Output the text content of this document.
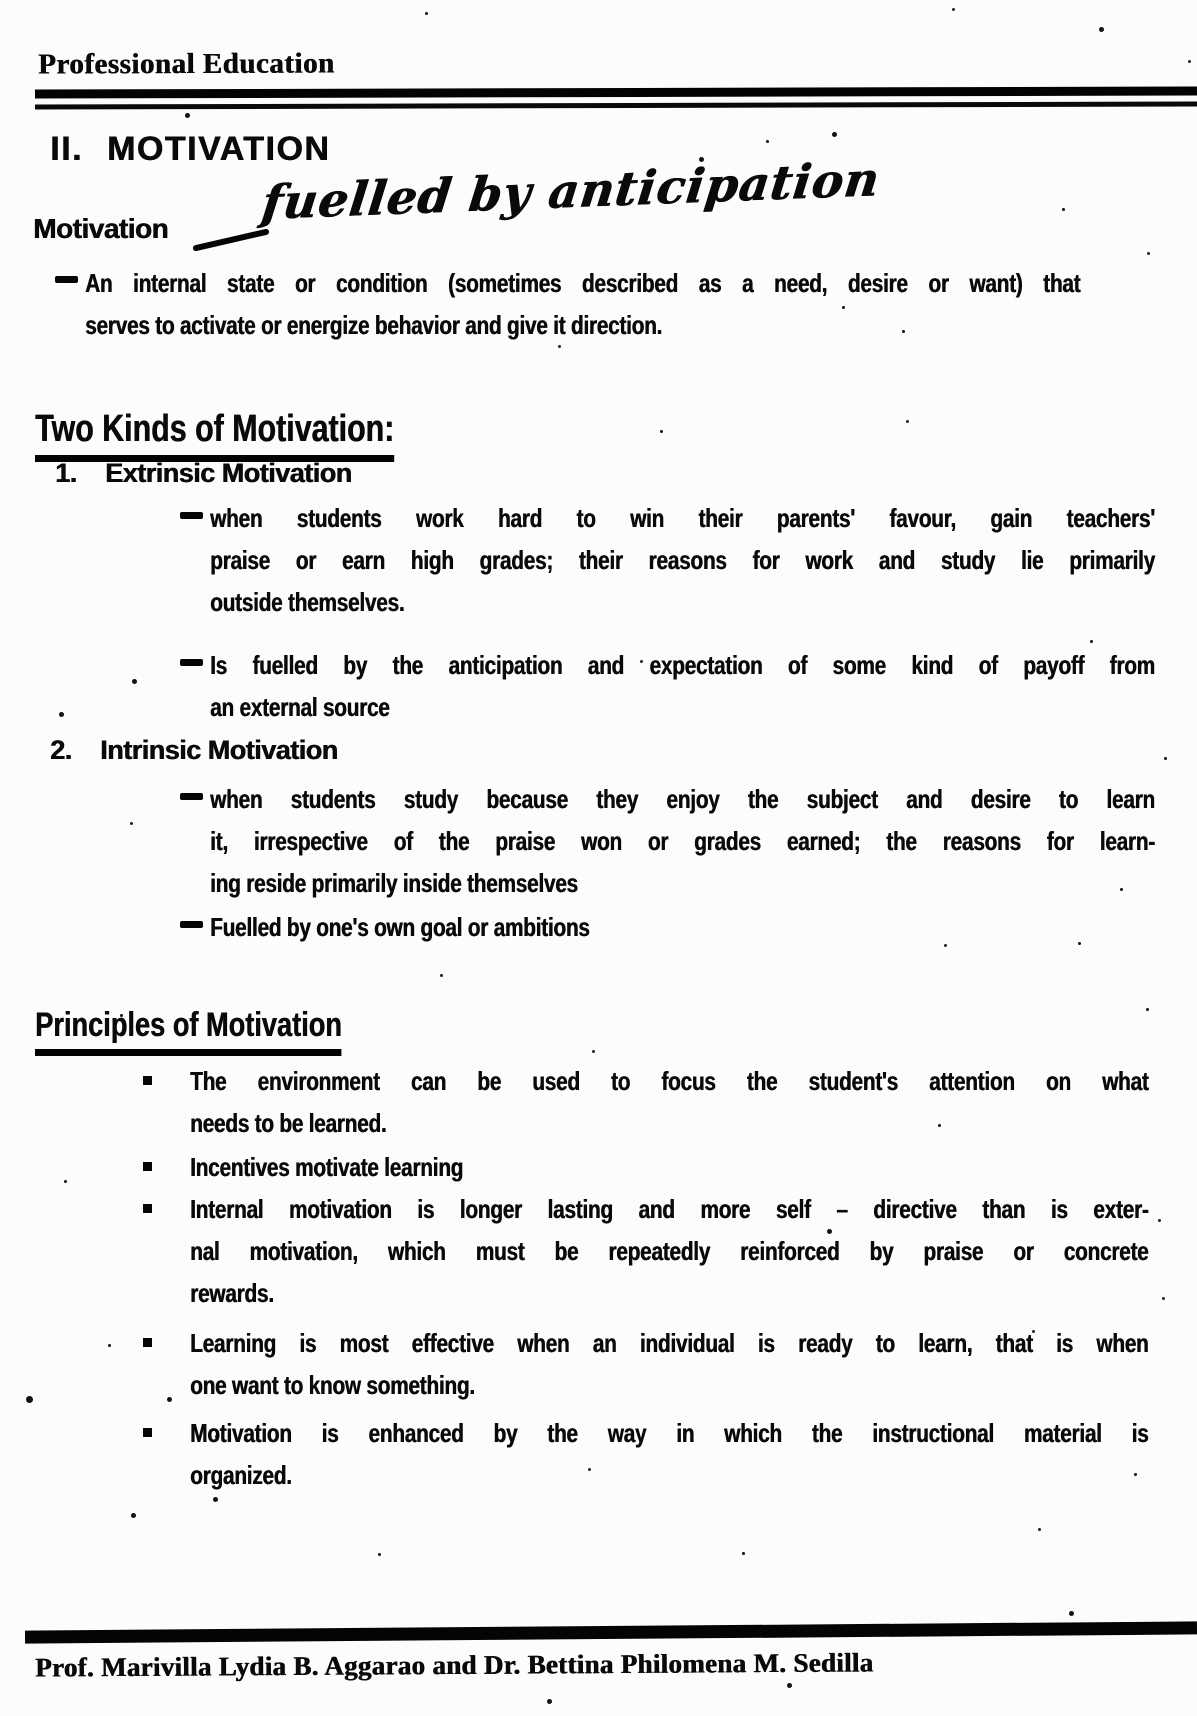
Professional Education
II. MOTIVATION
Motivation fuelled by anticipation
An internal state or condition (sometimes described as a need, desire or want) that
serves to activate or energize behavior and give it direction.
Two Kinds of Motivation:
1. Extrinsic Motivation
when students work hard to win their parents' favour, gain teachers'
praise or earn high grades; their reasons for work and study lie primarily
outside themselves.
Is fuelled by the anticipation and expectation of some kind of payoff from
an external source
2. Intrinsic Motivation
when students study because they enjoy the subject and desire to learn
it, irrespective of the praise won or grades earned; the reasons for learn-
ing reside primarily inside themselves
Fuelled by one's own goal or ambitions
Principles of Motivation
The environment can be used to focus the student's attention on what
needs to be learned.
Incentives motivate learning
Internal motivation is longer lasting and more self – directive than is exter-
nal motivation, which must be repeatedly reinforced by praise or concrete
rewards.
Learning is most effective when an individual is ready to learn, that is when
one want to know something.
Motivation is enhanced by the way in which the instructional material is
organized.
Prof. Marivilla Lydia B. Aggarao and Dr. Bettina Philomena M. Sedilla
